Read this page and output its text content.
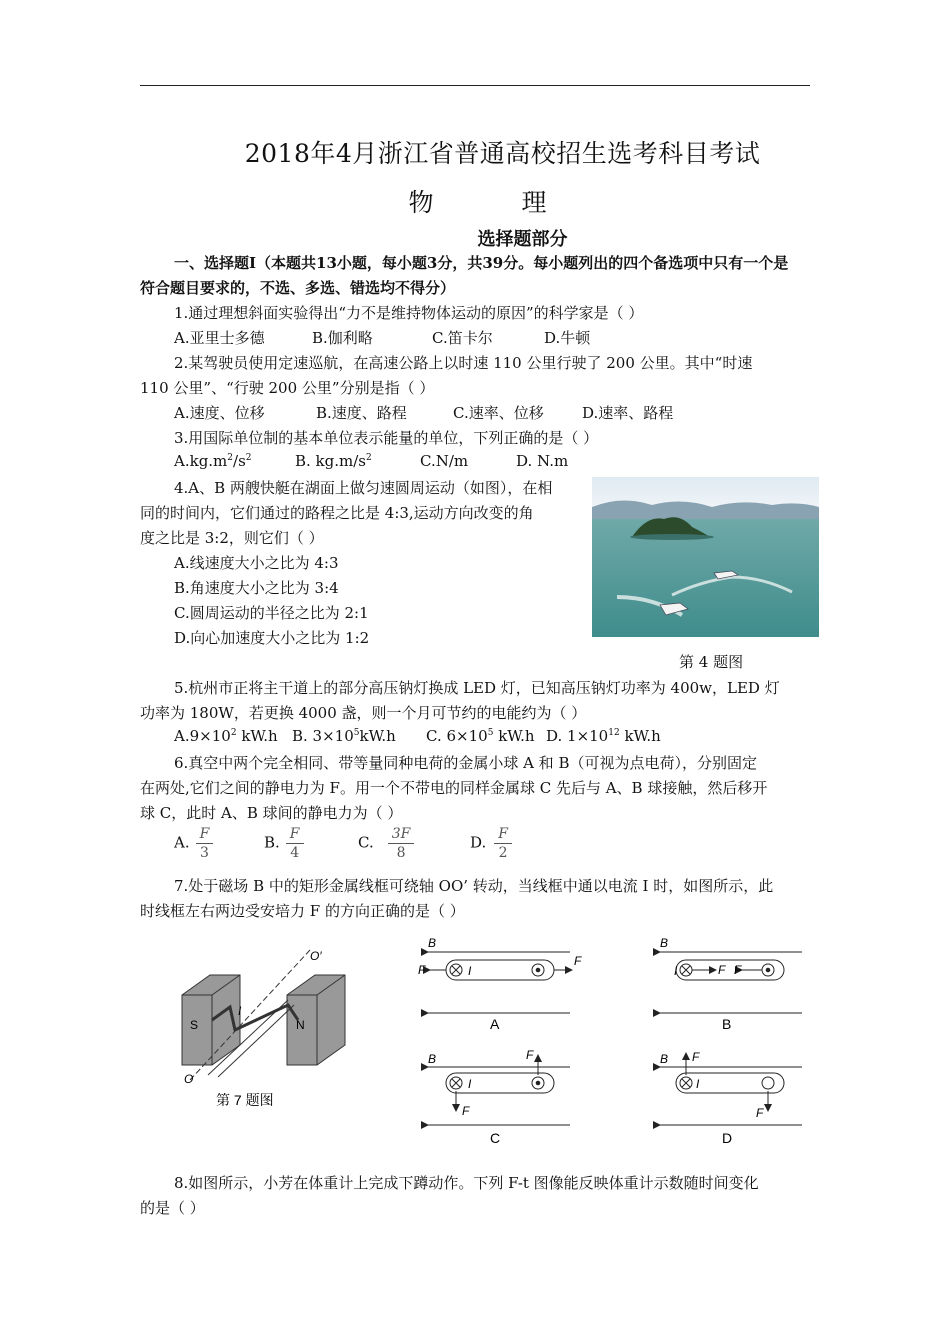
2018年4月浙江省普通高校招生选考科目考试
物 理
选择题部分
一、选择题I（本题共13小题，每小题3分，共39分。每小题列出的四个备选项中只有一个是
符合题目要求的，不选、多选、错选均不得分）
1.通过理想斜面实验得出“力不是维持物体运动的原因”的科学家是（ ）
A.亚里士多德	B.伽利略	C.笛卡尔	D.牛顿
2.某驾驶员使用定速巡航，在高速公路上以时速 110 公里行驶了 200 公里。其中“时速
110 公里”、“行驶 200 公里”分别是指（ ）
A.速度、位移	B.速度、路程	C.速率、位移	D.速率、路程
3.用国际单位制的基本单位表示能量的单位，下列正确的是（ ）
$A.kg.m^2/s^2$	B. $kg.m/s^2$	C.N/m	D. N.m
4.A、B 两艘快艇在湖面上做匀速圆周运动（如图），在相
同的时间内，它们通过的路程之比是 4:3,运动方向改变的角
度之比是 3:2，则它们（ ）
A.线速度大小之比为 4:3
B.角速度大小之比为 3:4
C.圆周运动的半径之比为 2:1
D.向心加速度大小之比为 1:2
第 4 题图
5.杭州市正将主干道上的部分高压钠灯换成 LED 灯，已知高压钠灯功率为 400w，LED 灯
功率为 180W，若更换 4000 盏，则一个月可节约的电能约为（ ）
$A.9\times 10^2$ kW.h B. $3\times 10^5kW.h$ C. $6\times 10^5$ kW.h D. $1\times 10^{12}$ kW.h
6.真空中两个完全相同、带等量同种电荷的金属小球 A 和 B（可视为点电荷），分别固定
在两处,它们之间的静电力为 F。用一个不带电的同样金属球 C 先后与 A、B 球接触，然后移开
球 C，此时 A、B 球间的静电力为（ ）
A. $\frac{F}{3}$	B. $\frac{F}{4}$	C. $\frac{3F}{8}$	D. $\frac{F}{2}$
7.处于磁场 B 中的矩形金属线框可绕轴 OO’ 转动，当线框中通以电流 I 时，如图所示，此
时线框左右两边受安培力 F 的方向正确的是（ ）
S	N
I
O
O′
第 7 题图
B
F
F
I
A
B
F F
I
B
B
F
F
I
C
B F
F
I
D
8.如图所示，小芳在体重计上完成下蹲动作。下列 F-t 图像能反映体重计示数随时间变化
的是（ ）
